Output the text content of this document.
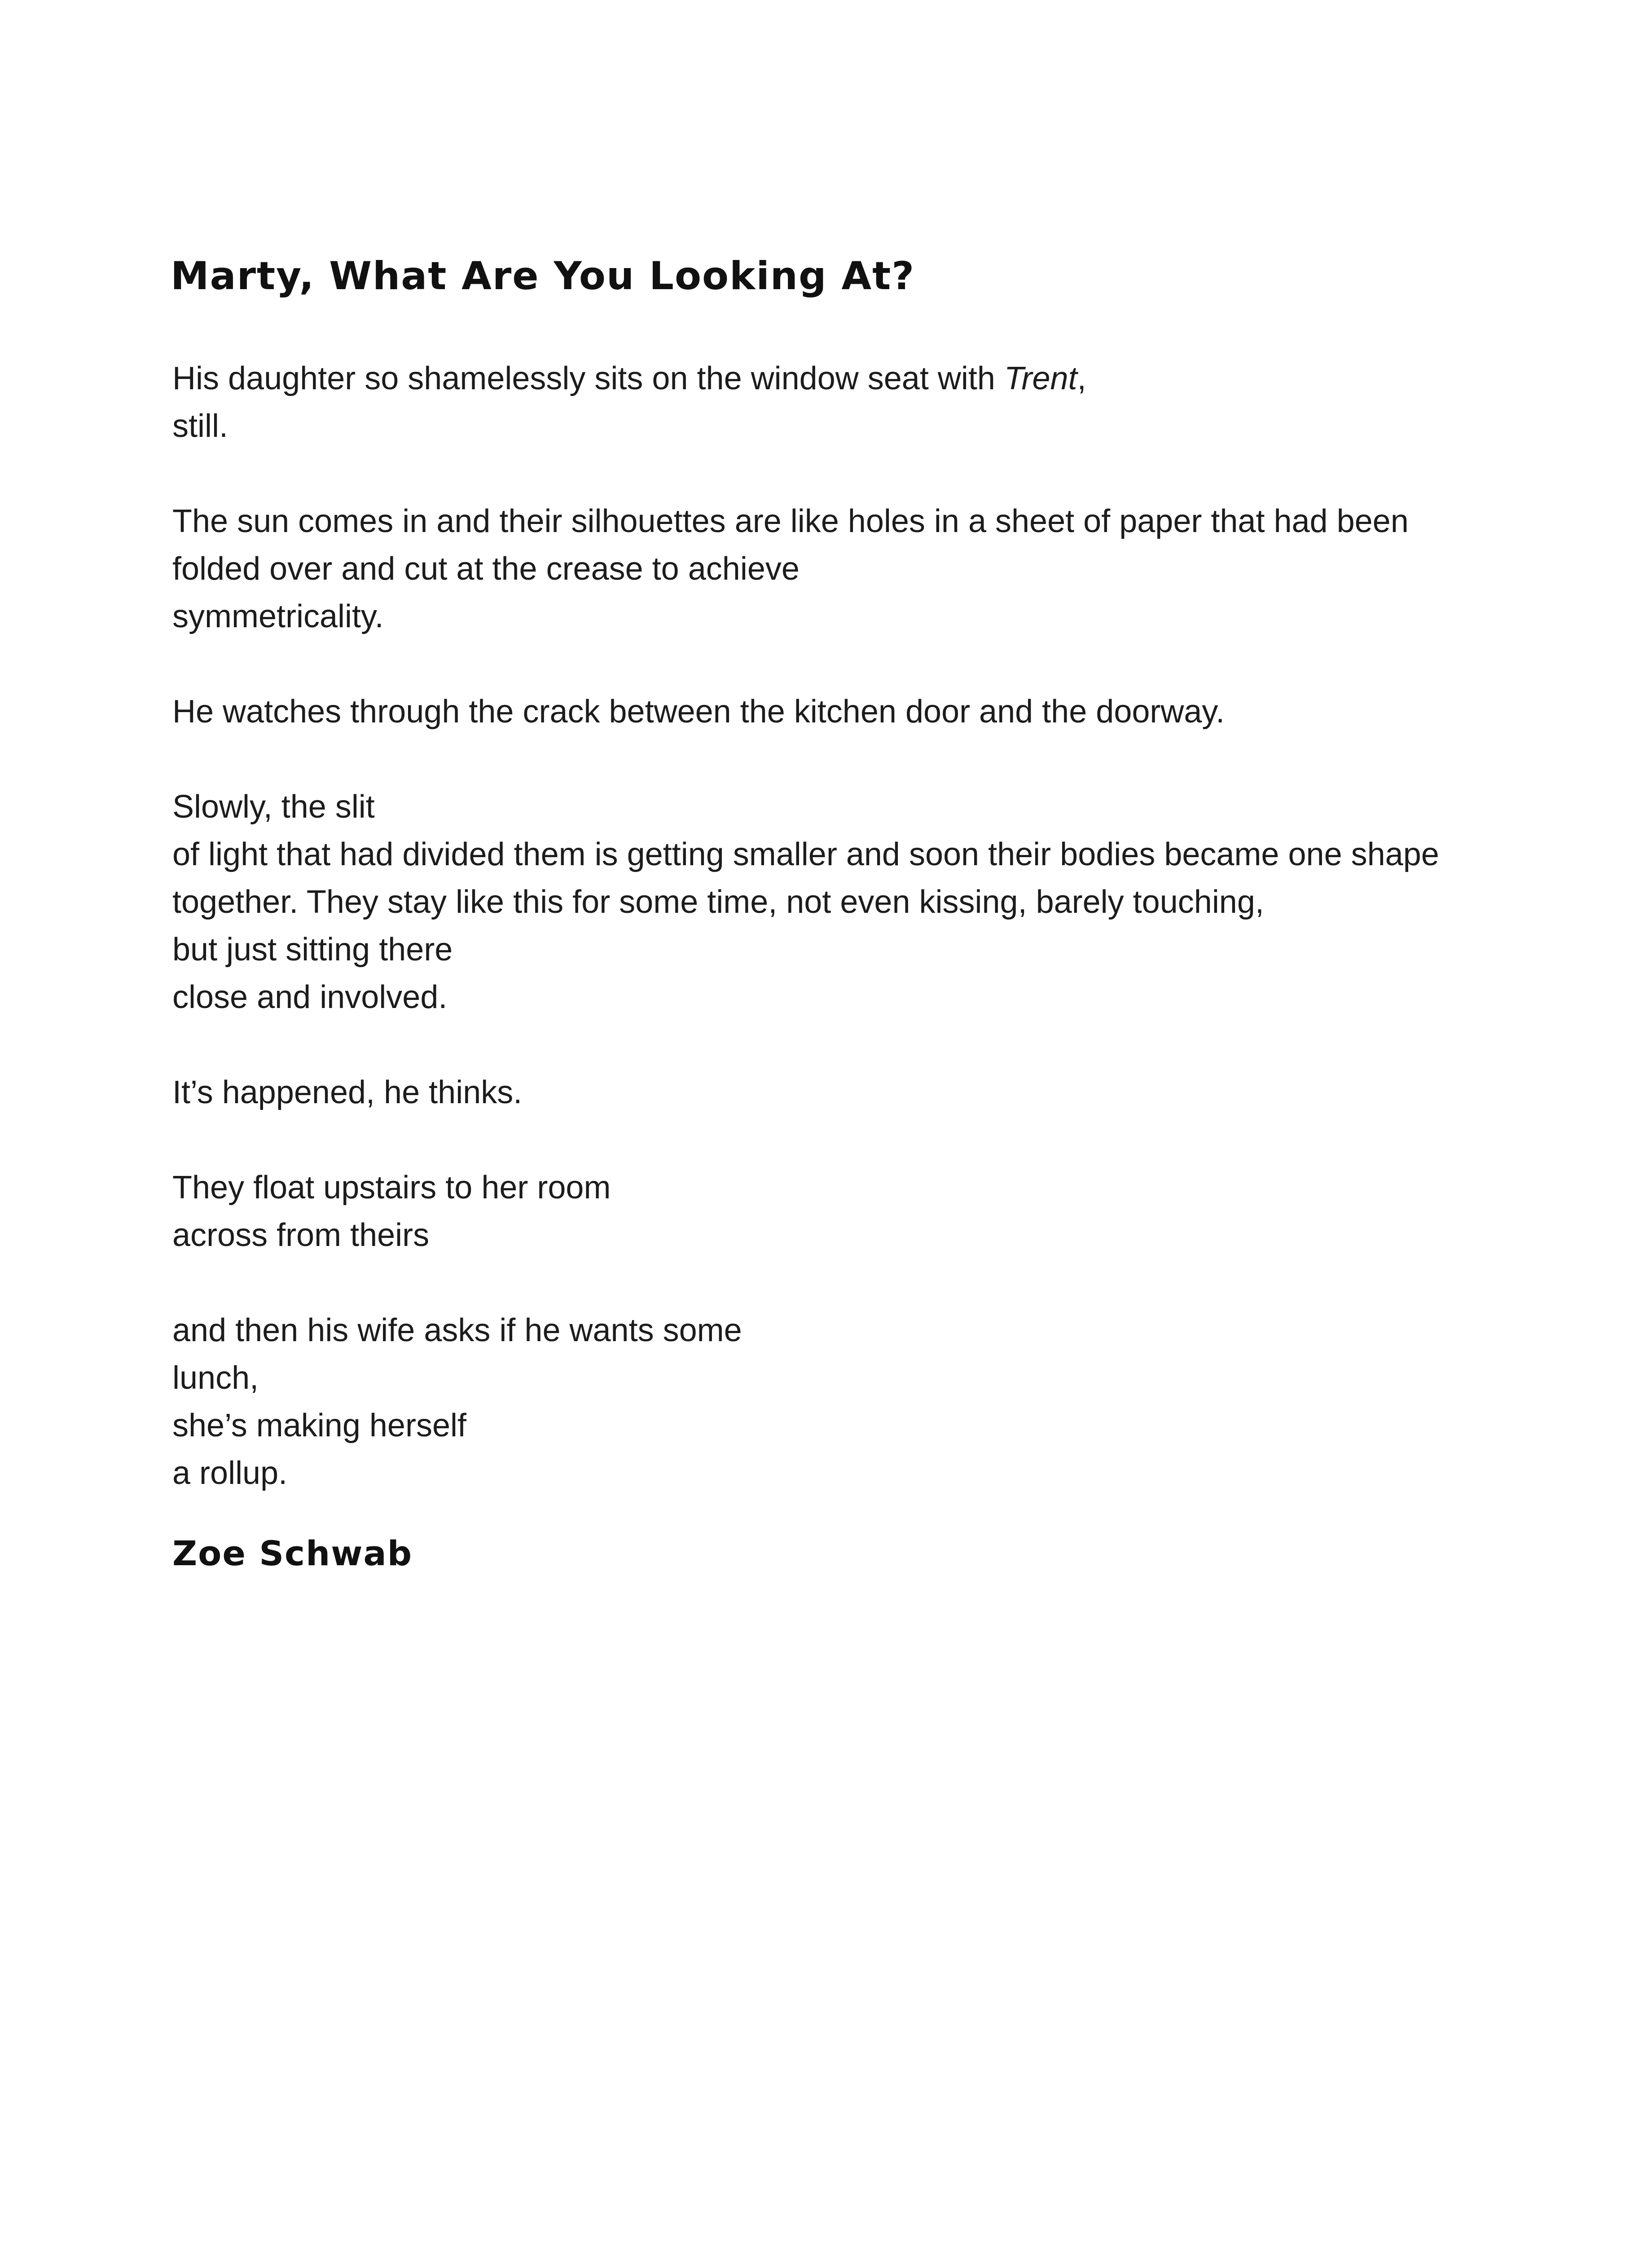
Marty, What Are You Looking At?

His daughter so shamelessly sits on the window seat with Trent,
still.

The sun comes in and their silhouettes are like holes in a sheet of paper that had been
folded over and cut at the crease to achieve
symmetricality.

He watches through the crack between the kitchen door and the doorway.

Slowly, the slit
of light that had divided them is getting smaller and soon their bodies became one shape
together. They stay like this for some time, not even kissing, barely touching,
but just sitting there
close and involved.

It’s happened, he thinks.

They float upstairs to her room
across from theirs

and then his wife asks if he wants some
lunch,
she’s making herself
a rollup.

Zoe Schwab
